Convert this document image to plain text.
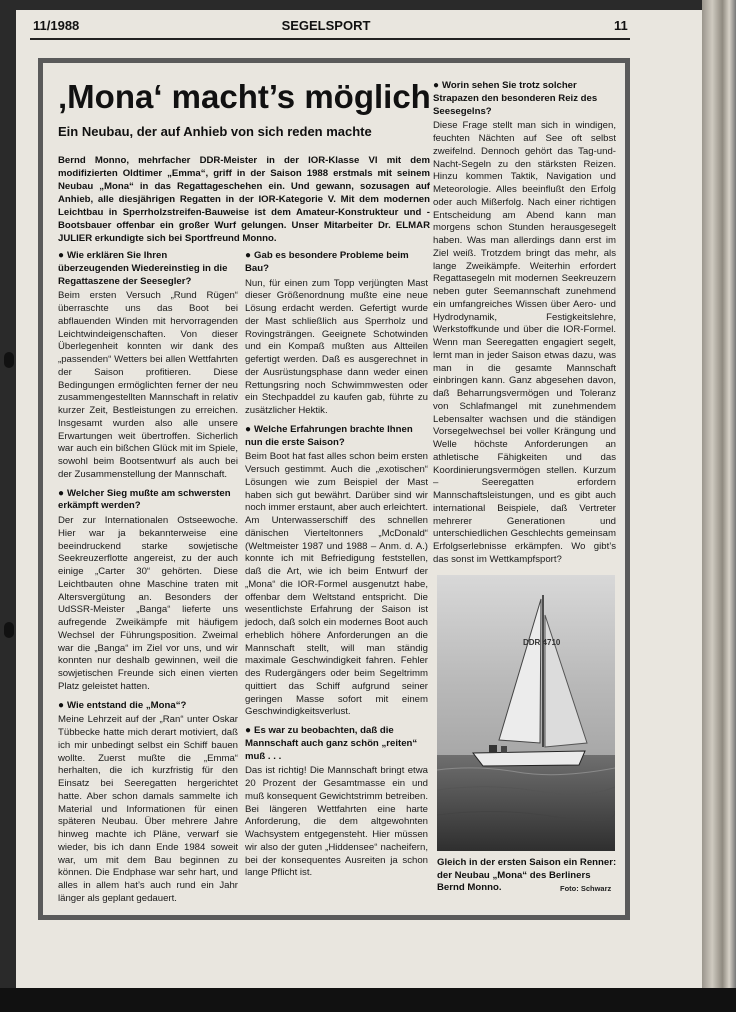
11/1988	SEGELSPORT	11
‚Mona‘ macht’s möglich
Ein Neubau, der auf Anhieb von sich reden machte
Bernd Monno, mehrfacher DDR-Meister in der IOR-Klasse VI mit dem modifizierten Oldtimer „Emma“, griff in der Saison 1988 erstmals mit seinem Neubau „Mona“ in das Regattageschehen ein. Und gewann, sozusagen auf Anhieb, alle diesjährigen Regatten in der IOR-Kategorie V. Mit dem modernen Leichtbau in Sperrholzstreifen-Bauweise ist dem Amateur-Konstrukteur und -Bootsbauer offenbar ein großer Wurf gelungen. Unser Mitarbeiter Dr. ELMAR JULIER erkundigte sich bei Sportfreund Monno.
● Wie erklären Sie Ihren überzeugenden Wiedereinstieg in die Regattaszene der Seesegler?
Beim ersten Versuch „Rund Rügen“ überraschte uns das Boot bei abflauenden Winden mit hervorragenden Leichtwindeigenschaften. Von dieser Überlegenheit konnten wir dank des „passenden“ Wetters bei allen Wettfahrten der Saison profitieren. Diese Bedingungen ermöglichten ferner der neu zusammengestellten Mannschaft in relativ kurzer Zeit, Bestleistungen zu erreichen. Insgesamt wurden also alle unsere Erwartungen weit übertroffen. Sicherlich war auch ein bißchen Glück mit im Spiele, sowohl beim Bootsentwurf als auch bei der Zusammenstellung der Mannschaft.
● Welcher Sieg mußte am schwersten erkämpft werden?
Der zur Internationalen Ostseewoche. Hier war ja bekannterweise eine beeindruckend starke sowjetische Seekreuzerflotte angereist, zu der auch einige „Carter 30“ gehörten. Diese Leichtbauten ohne Maschine traten mit Altersvergütung an. Besonders der UdSSR-Meister „Banga“ lieferte uns aufregende Zweikämpfe mit häufigem Wechsel der Führungsposition. Zweimal war die „Banga“ im Ziel vor uns, und wir konnten nur deshalb gewinnen, weil die sowjetischen Freunde sich einen vierten Platz geleistet hatten.
● Wie entstand die „Mona“?
Meine Lehrzeit auf der „Ran“ unter Oskar Tübbecke hatte mich derart motiviert, daß ich mir unbedingt selbst ein Schiff bauen wollte. Zuerst mußte die „Emma“ herhalten, die ich kurzfristig für den Einsatz bei Seeregatten hergerichtet hatte. Aber schon damals sammelte ich Material und Informationen für einen späteren Neubau. Über mehrere Jahre hinweg machte ich Pläne, verwarf sie wieder, bis ich dann Ende 1984 soweit war, um mit dem Bau beginnen zu können. Die Endphase war sehr hart, und alles in allem hat’s auch rund ein Jahr länger als geplant gedauert.
● Gab es besondere Probleme beim Bau?
Nun, für einen zum Topp verjüngten Mast dieser Größenordnung mußte eine neue Lösung erdacht werden. Gefertigt wurde der Mast schließlich aus Sperrholz und Rovingsträngen. Geeignete Schotwinden und ein Kompaß mußten aus Altteilen gefertigt werden. Daß es ausgerechnet in der Ausrüstungsphase dann weder einen Rettungsring noch Schwimmwesten oder ein Stechpaddel zu kaufen gab, führte zu zusätzlicher Hektik.
● Welche Erfahrungen brachte Ihnen nun die erste Saison?
Beim Boot hat fast alles schon beim ersten Versuch gestimmt. Auch die „exotischen“ Lösungen wie zum Beispiel der Mast haben sich gut bewährt. Darüber sind wir noch immer erstaunt, aber auch erleichtert. Am Unterwasserschiff des schnellen dänischen Vierteltonners „McDonald“ (Weltmeister 1987 und 1988 – Anm. d. A.) konnte ich mit Befriedigung feststellen, daß die Art, wie ich beim Entwurf der „Mona“ die IOR-Formel ausgenutzt habe, offenbar dem Weltstand entspricht. Die wesentlichste Erfahrung der Saison ist jedoch, daß solch ein modernes Boot auch erheblich höhere Anforderungen an die Mannschaft stellt, will man ständig maximale Geschwindigkeit fahren. Fehler des Rudergängers oder beim Segeltrimm quittiert das Schiff aufgrund seiner geringen Masse sofort mit einem Geschwindigkeitsverlust.
● Es war zu beobachten, daß die Mannschaft auch ganz schön „reiten“ muß . . .
Das ist richtig! Die Mannschaft bringt etwa 20 Prozent der Gesamtmasse ein und muß konsequent Gewichtstrimm betreiben. Bei längeren Wettfahrten eine harte Anforderung, die dem altgewohnten Wachsystem entgegensteht. Hier müssen wir also der guten „Hiddensee“ nacheifern, bei der konsequentes Ausreiten ja schon lange Pflicht ist.
● Worin sehen Sie trotz solcher Strapazen den besonderen Reiz des Seesegelns?
Diese Frage stellt man sich in windigen, feuchten Nächten auf See oft selbst zweifelnd. Dennoch gehört das Tag-und-Nacht-Segeln zu den stärksten Reizen. Hinzu kommen Taktik, Navigation und Meteorologie. Alles beeinflußt den Erfolg oder auch Mißerfolg. Nach einer richtigen Entscheidung am Abend kann man morgens schon Stunden herausgesegelt haben. Was man allerdings dann erst im Ziel weiß. Trotzdem bringt das mehr, als lange Zweikämpfe. Weiterhin erfordert Regattasegeln mit modernen Seekreuzern neben guter Seemannschaft zunehmend ein umfangreiches Wissen über Aero- und Hydrodynamik, Festigkeitslehre, Werkstoffkunde und über die IOR-Formel. Wenn man Seeregatten engagiert segelt, lernt man in jeder Saison etwas dazu, was man in die gesamte Mannschaft einbringen kann. Ganz abgesehen davon, daß Beharrungsvermögen und Toleranz von Schlafmangel mit zunehmendem Lebensalter wachsen und die ständigen Vorsegelwechsel bei voller Krängung und Welle höchste Anforderungen an athletische Fähigkeiten und das Koordinierungsvermögen stellen. Kurzum – Seeregatten erfordern Mannschaftsleistungen, und es gibt auch international Beispiele, daß Vertreter mehrerer Generationen und unterschiedlichen Geschlechts gemeinsam Erfolgserlebnisse erkämpfen. Wo gibt’s das sonst im Wettkampfsport?
DDR 4710
Gleich in der ersten Saison ein Renner: der Neubau „Mona“ des Berliners Bernd Monno.	Foto: Schwarz
